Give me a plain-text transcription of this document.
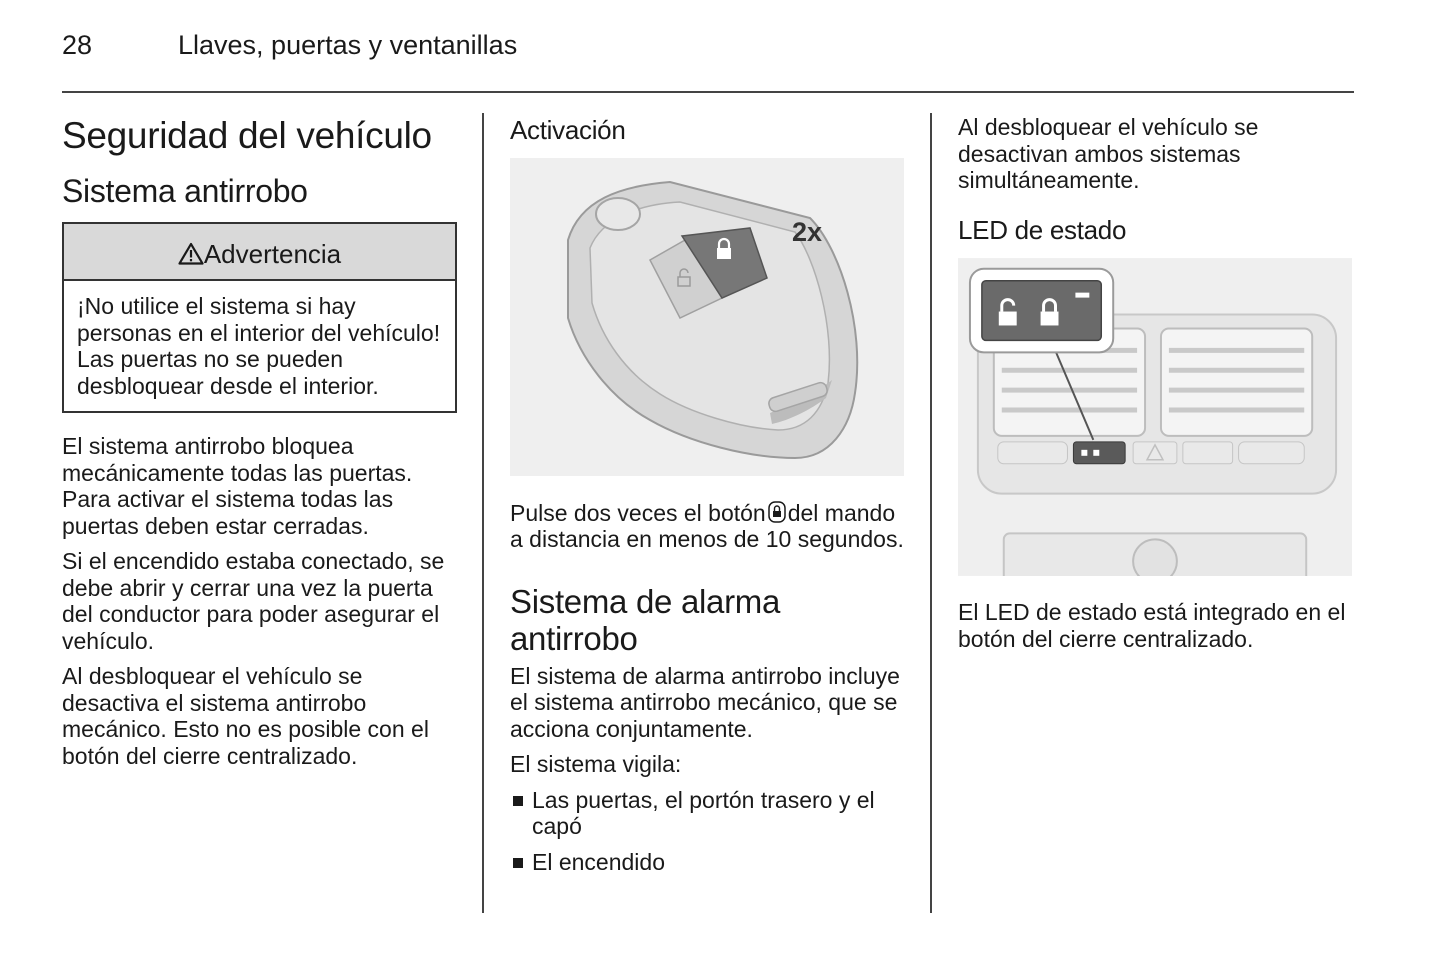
28	Llaves, puertas y ventanillas
Seguridad del vehículo
Sistema antirrobo
Advertencia
¡No utilice el sistema si hay personas en el interior del vehículo! Las puertas no se pueden desbloquear desde el interior.

El sistema antirrobo bloquea mecánicamente todas las puertas. Para activar el sistema todas las puertas deben estar cerradas.

Si el encendido estaba conectado, se debe abrir y cerrar una vez la puerta del conductor para poder asegurar el vehículo.

Al desbloquear el vehículo se desactiva el sistema antirrobo mecánico. Esto no es posible con el botón del cierre centralizado.

Activación
2x

Pulse dos veces el botón del mando a distancia en menos de 10 segundos.

Sistema de alarma antirrobo

El sistema de alarma antirrobo incluye el sistema antirrobo mecánico, que se acciona conjuntamente.

El sistema vigila:

Las puertas, el portón trasero y el capó
El encendido

Al desbloquear el vehículo se desactivan ambos sistemas simultáneamente.

LED de estado

El LED de estado está integrado en el botón del cierre centralizado.
